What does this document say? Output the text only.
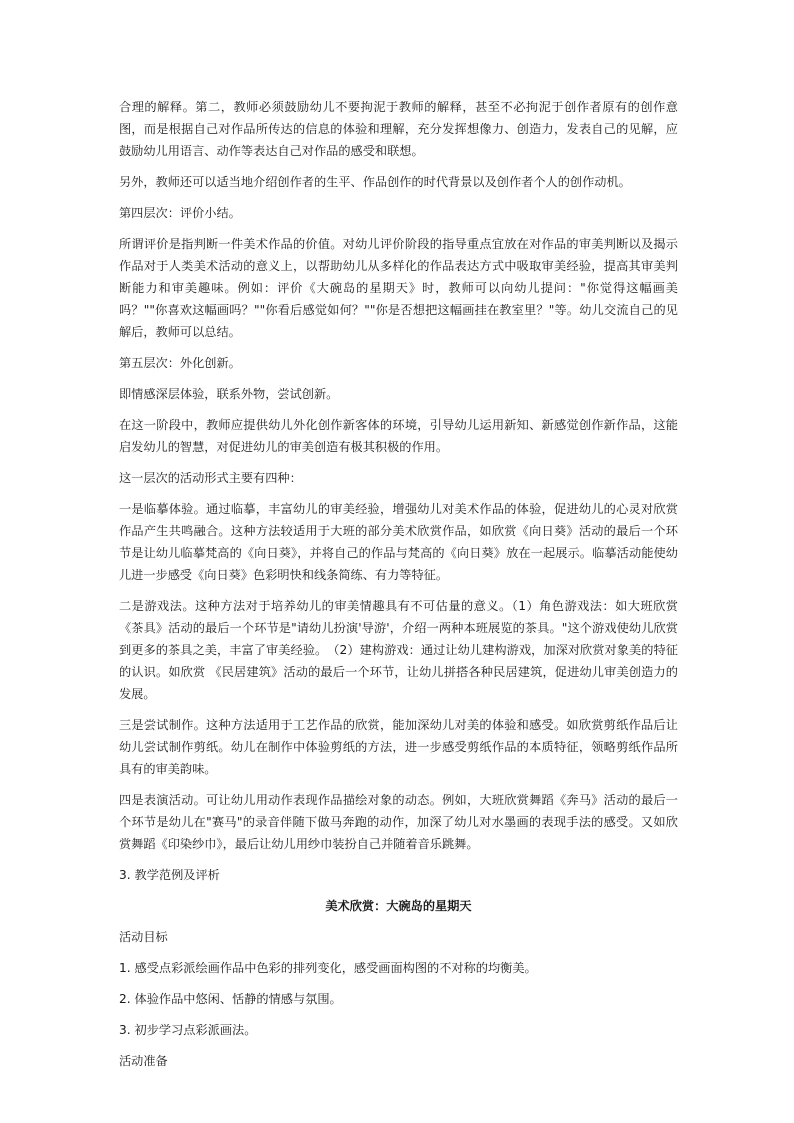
合理的解释。第二，教师必须鼓励幼儿不要拘泥于教师的解释，甚至不必拘泥于创作者原有的创作意图，而是根据自己对作品所传达的信息的体验和理解，充分发挥想像力、创造力，发表自己的见解，应鼓励幼儿用语言、动作等表达自己对作品的感受和联想。

另外，教师还可以适当地介绍创作者的生平、作品创作的时代背景以及创作者个人的创作动机。

第四层次：评价小结。

所谓评价是指判断一件美术作品的价值。对幼儿评价阶段的指导重点宜放在对作品的审美判断以及揭示作品对于人类美术活动的意义上，以帮助幼儿从多样化的作品表达方式中吸取审美经验，提高其审美判断能力和审美趣味。例如：评价《大碗岛的星期天》时，教师可以向幼儿提问："你觉得这幅画美吗？""你喜欢这幅画吗？""你看后感觉如何？""你是否想把这幅画挂在教室里？"等。幼儿交流自己的见解后，教师可以总结。

第五层次：外化创新。

即情感深层体验，联系外物，尝试创新。

在这一阶段中，教师应提供幼儿外化创作新客体的环境，引导幼儿运用新知、新感觉创作新作品，这能启发幼儿的智慧，对促进幼儿的审美创造有极其积极的作用。

这一层次的活动形式主要有四种：

一是临摹体验。通过临摹，丰富幼儿的审美经验，增强幼儿对美术作品的体验，促进幼儿的心灵对欣赏作品产生共鸣融合。这种方法较适用于大班的部分美术欣赏作品，如欣赏《向日葵》活动的最后一个环节是让幼儿临摹梵高的《向日葵》，并将自己的作品与梵高的《向日葵》放在一起展示。临摹活动能使幼儿进一步感受《向日葵》色彩明快和线条简练、有力等特征。

二是游戏法。这种方法对于培养幼儿的审美情趣具有不可估量的意义。（1）角色游戏法：如大班欣赏《茶具》活动的最后一个环节是"请幼儿扮演'导游'，介绍一两种本班展览的茶具。"这个游戏使幼儿欣赏到更多的茶具之美，丰富了审美经验。　（2）建构游戏：通过让幼儿建构游戏，加深对欣赏对象美的特征的认识。如欣赏 《民居建筑》活动的最后一个环节，让幼儿拼搭各种民居建筑，促进幼儿审美创造力的发展。

三是尝试制作。这种方法适用于工艺作品的欣赏，能加深幼儿对美的体验和感受。如欣赏剪纸作品后让幼儿尝试制作剪纸。幼儿在制作中体验剪纸的方法，进一步感受剪纸作品的本质特征，领略剪纸作品所具有的审美韵味。

四是表演活动。可让幼儿用动作表现作品描绘对象的动态。例如，大班欣赏舞蹈《奔马》活动的最后一个环节是幼儿在"赛马"的录音伴随下做马奔跑的动作，加深了幼儿对水墨画的表现手法的感受。又如欣赏舞蹈《印染纱巾》，最后让幼儿用纱巾装扮自己并随着音乐跳舞。

3. 教学范例及评析

美术欣赏：大碗岛的星期天

活动目标

1. 感受点彩派绘画作品中色彩的排列变化，感受画面构图的不对称的均衡美。

2. 体验作品中悠闲、恬静的情感与氛围。

3. 初步学习点彩派画法。

活动准备
